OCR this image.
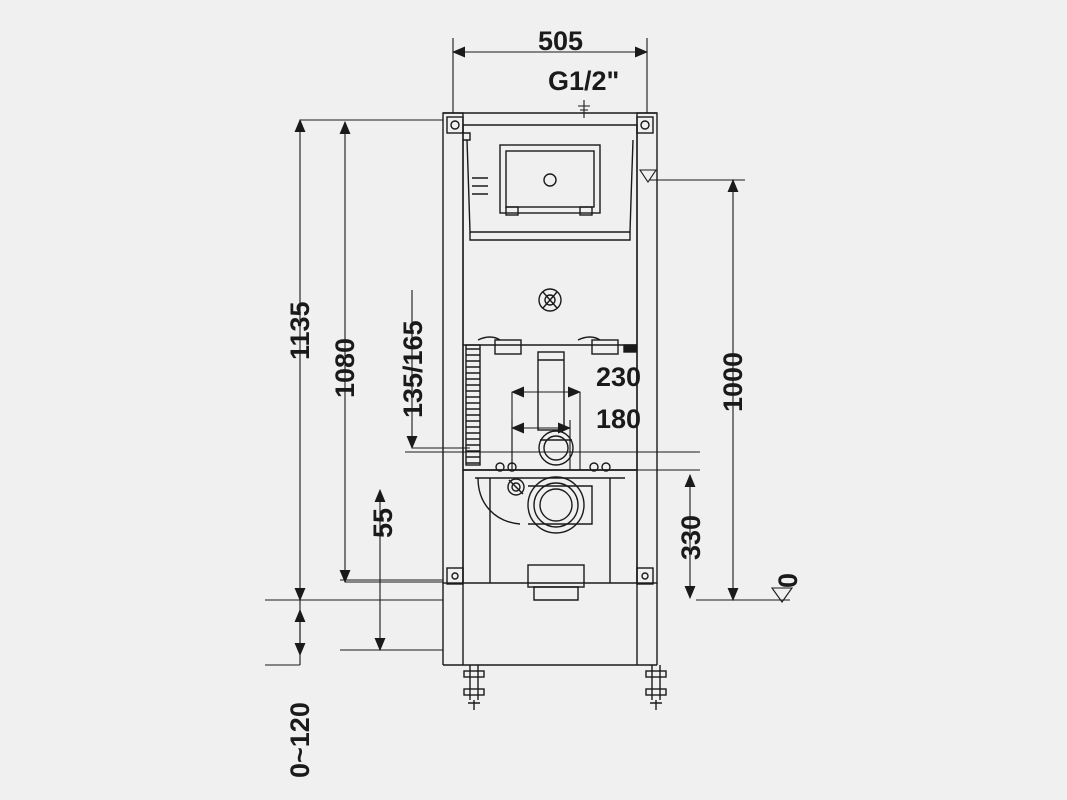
505
G1/2"
1135
1080 135/165	230
180
1000
55	330
0
0~120
